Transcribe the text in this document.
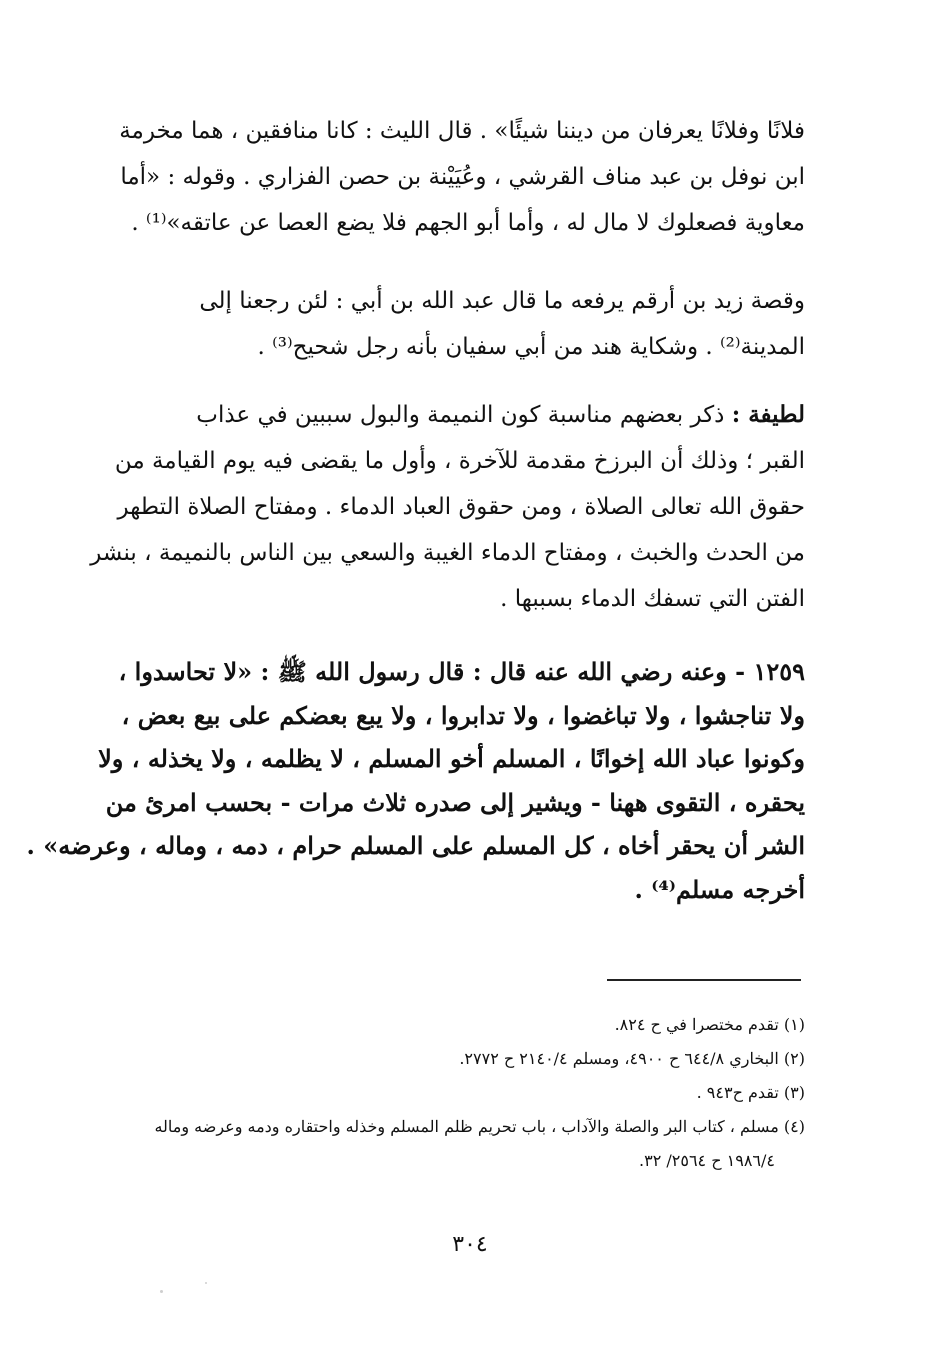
فلانًا وفلانًا يعرفان من ديننا شيئًا» . قال الليث : كانا منافقين ، هما مخرمة
ابن نوفل بن عبد مناف القرشي ، وعُيَيْنة بن حصن الفزاري . وقوله : «أما
معاوية فصعلوك لا مال له ، وأما أبو الجهم فلا يضع العصا عن عاتقه»⁽¹⁾ .
وقصة زيد بن أرقم يرفعه ما قال عبد الله بن أبي : لئن رجعنا إلى
المدينة⁽²⁾ . وشكاية هند من أبي سفيان بأنه رجل شحيح⁽³⁾ .
لطيفة : ذكر بعضهم مناسبة كون النميمة والبول سببين في عذاب
القبر ؛ وذلك أن البرزخ مقدمة للآخرة ، وأول ما يقضى فيه يوم القيامة من
حقوق الله تعالى الصلاة ، ومن حقوق العباد الدماء . ومفتاح الصلاة التطهر
من الحدث والخبث ، ومفتاح الدماء الغيبة والسعي بين الناس بالنميمة ، بنشر
الفتن التي تسفك الدماء بسببها .
١٢٥٩ - وعنه رضي الله عنه قال : قال رسول الله ﷺ : «لا تحاسدوا ،
ولا تناجشوا ، ولا تباغضوا ، ولا تدابروا ، ولا يبع بعضكم على بيع بعض ،
وكونوا عباد الله إخوانًا ، المسلم أخو المسلم ، لا يظلمه ، ولا يخذله ، ولا
يحقره ، التقوى ههنا - ويشير إلى صدره ثلاث مرات - بحسب امرئ من
الشر أن يحقر أخاه ، كل المسلم على المسلم حرام ، دمه ، وماله ، وعرضه» .
أخرجه مسلم⁽⁴⁾ .
(١) تقدم مختصرا في ح ٨٢٤.
(٢) البخاري ٦٤٤/٨ ح ٤٩٠٠، ومسلم ٢١٤٠/٤ ح ٢٧٧٢.
(٣) تقدم ح٩٤٣ .
(٤) مسلم ، كتاب البر والصلة والآداب ، باب تحريم ظلم المسلم وخذله واحتقاره ودمه وعرضه وماله
١٩٨٦/٤ ح ٢٥٦٤/ ٣٢.
٣٠٤
